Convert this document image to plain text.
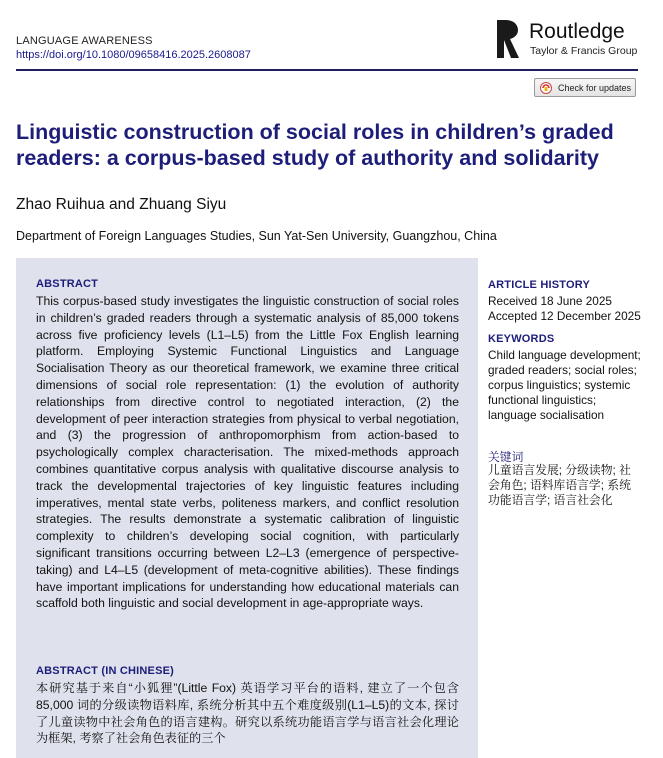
LANGUAGE AWARENESS
https://doi.org/10.1080/09658416.2025.2608087
Routledge
Taylor & Francis Group
Check for updates
Linguistic construction of social roles in children’s graded readers: a corpus-based study of authority and solidarity
Zhao Ruihua and Zhuang Siyu
Department of Foreign Languages Studies, Sun Yat-Sen University, Guangzhou, China
ABSTRACT

This corpus-based study investigates the linguistic construction of social roles in children’s graded readers through a systematic analysis of 85,000 tokens across five proficiency levels (L1–L5) from the Little Fox English learning platform. Employing Systemic Functional Linguistics and Language Socialisation Theory as our theoretical framework, we examine three critical dimensions of social role representation: (1) the evolution of authority relationships from directive control to negotiated interaction, (2) the development of peer interaction strategies from physical to verbal negotiation, and (3) the progression of anthropomorphism from action-based to psychologically complex characterisation. The mixed-methods approach combines quantitative corpus analysis with qualitative discourse analysis to track the developmental trajectories of key linguistic features including imperatives, mental state verbs, politeness markers, and conflict resolution strategies. The results demonstrate a systematic calibration of linguistic complexity to children’s developing social cognition, with particularly significant transitions occurring between L2–L3 (emergence of perspective-taking) and L4–L5 (development of meta-cognitive abilities). These findings have important implications for understanding how educational materials can scaffold both linguistic and social development in age-appropriate ways.

ABSTRACT (IN CHINESE)

本研究基于来自“小狐狸”(Little Fox) 英语学习平台的语料, 建立了一个包含 85,000 词的分级读物语料库, 系统分析其中五个难度级别(L1–L5)的文本, 探讨了儿童读物中社会角色的语言建构。研究以系统功能语言学与语言社会化理论为框架, 考察了社会角色表征的三个

ARTICLE HISTORY
Received 18 June 2025
Accepted 12 December 2025
KEYWORDS
Child language development; graded readers; social roles; corpus linguistics; systemic functional linguistics; language socialisation
关键词
儿童语言发展; 分级读物; 社会角色; 语料库语言学; 系统功能语言学; 语言社会化
